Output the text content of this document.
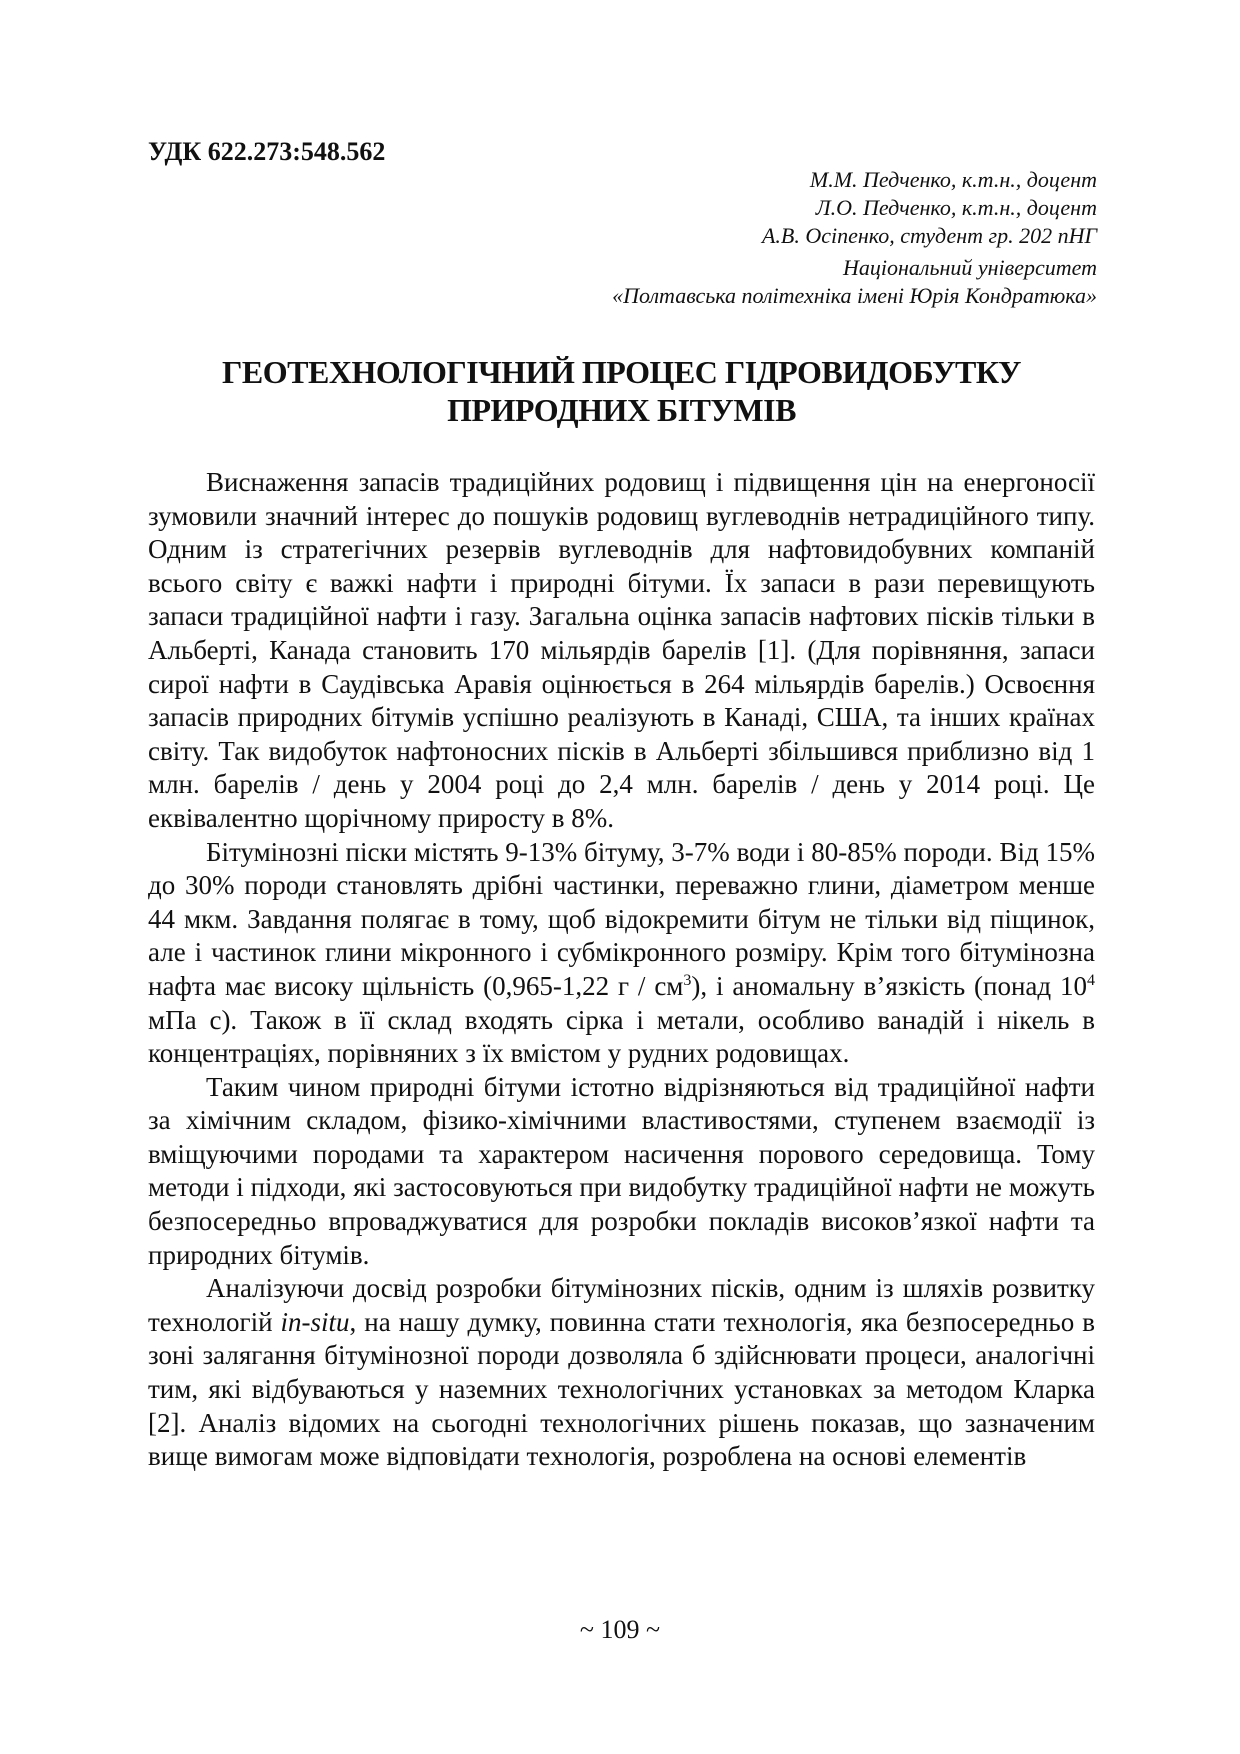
УДК 622.273:548.562
М.М. Педченко, к.т.н., доцент
Л.О. Педченко, к.т.н., доцент
А.В. Осіпенко, студент гр. 202 пНГ
Національний університет
«Полтавська політехніка імені Юрія Кондратюка»
ГЕОТЕХНОЛОГІЧНИЙ ПРОЦЕС ГІДРОВИДОБУТКУ
ПРИРОДНИХ БІТУМІВ

Виснаження запасів традиційних родовищ і підвищення цін на енергоносії зумовили значний інтерес до пошуків родовищ вуглеводнів нетрадиційного типу. Одним із стратегічних резервів вуглеводнів для нафтовидобувних компаній всього світу є важкі нафти і природні бітуми. Їх запаси в рази перевищують запаси традиційної нафти і газу. Загальна оцінка запасів нафтових пісків тільки в Альберті, Канада становить 170 мільярдів барелів [1]. (Для порівняння, запаси сирої нафти в Саудівська Аравія оцінюється в 264 мільярдів барелів.) Освоєння запасів природних бітумів успішно реалізують в Канаді, США, та інших країнах світу. Так видобуток нафтоносних пісків в Альберті збільшився приблизно від 1 млн. барелів / день у 2004 році до 2,4 млн. барелів / день у 2014 році. Це еквівалентно щорічному приросту в 8%.

Бітумінозні піски містять 9-13% бітуму, 3-7% води і 80-85% породи. Від 15% до 30% породи становлять дрібні частинки, переважно глини, діаметром менше 44 мкм. Завдання полягає в тому, щоб відокремити бітум не тільки від піщинок, але і частинок глини мікронного і субмікронного розміру. Крім того бітумінозна нафта має високу щільність (0,965-1,22 г / $см^3$), і аномальну в’язкість (понад $10^4$ мПа с). Також в її склад входять сірка і метали, особливо ванадій і нікель в концентраціях, порівняних з їх вмістом у рудних родовищах.

Таким чином природні бітуми істотно відрізняються від традиційної нафти за хімічним складом, фізико-хімічними властивостями, ступенем взаємодії із вміщуючими породами та характером насичення порового середовища. Тому методи і підходи, які застосовуються при видобутку традиційної нафти не можуть безпосередньо впроваджуватися для розробки покладів високов’язкої нафти та природних бітумів.

Аналізуючи досвід розробки бітумінозних пісків, одним із шляхів розвитку технологій in-situ, на нашу думку, повинна стати технологія, яка безпосередньо в зоні залягання бітумінозної породи дозволяла б здійснювати процеси, аналогічні тим, які відбуваються у наземних технологічних установках за методом Кларка [2]. Аналіз відомих на сьогодні технологічних рішень показав, що зазначеним вище вимогам може відповідати технологія, розроблена на основі елементів

~ 109 ~
